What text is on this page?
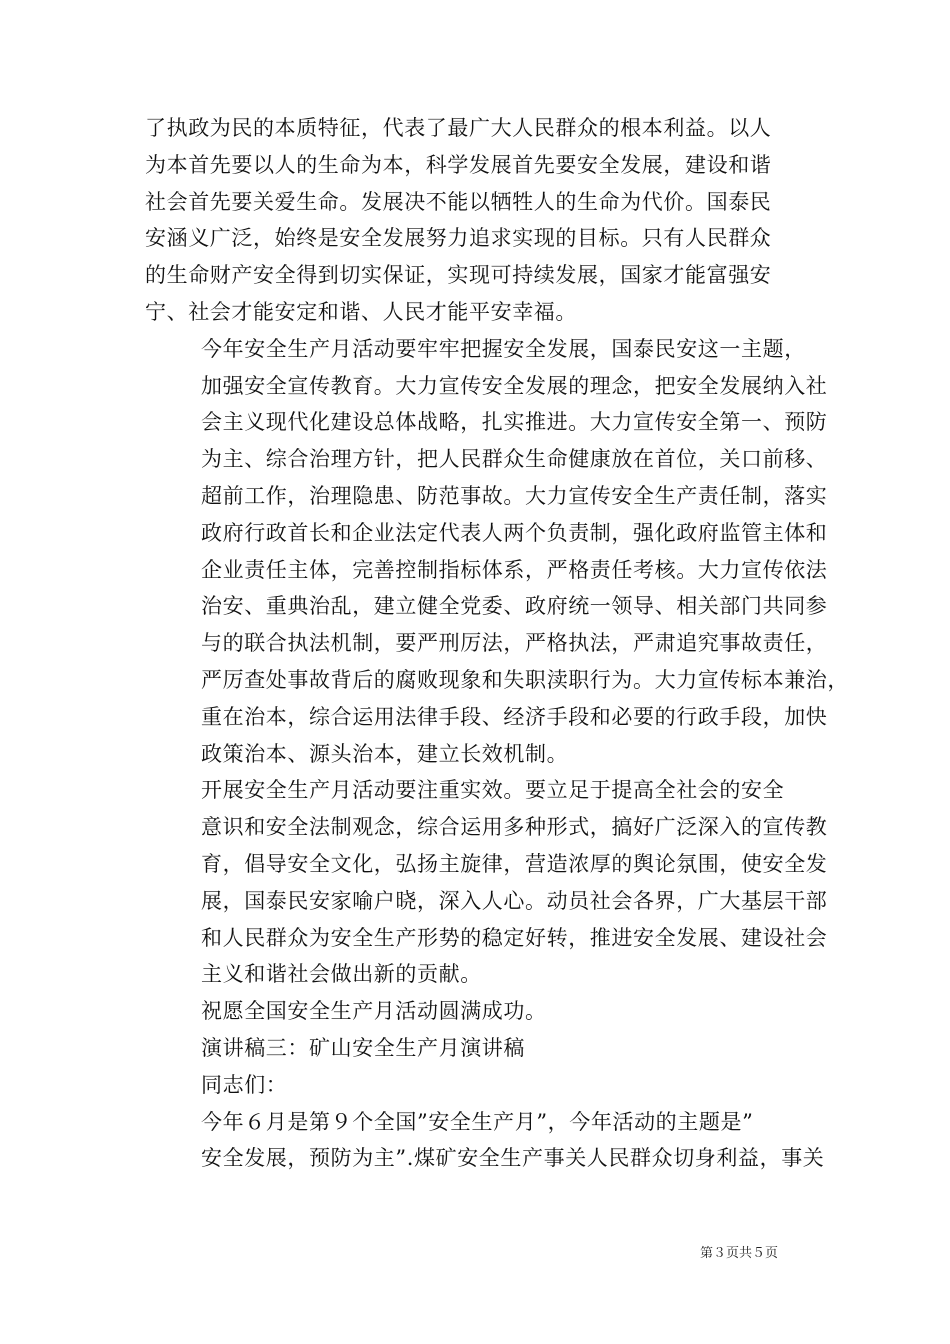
了执政为民的本质特征，代表了最广大人民群众的根本利益。以人
为本首先要以人的生命为本，科学发展首先要安全发展，建设和谐
社会首先要关爱生命。发展决不能以牺牲人的生命为代价。国泰民
安涵义广泛，始终是安全发展努力追求实现的目标。只有人民群众
的生命财产安全得到切实保证，实现可持续发展，国家才能富强安
宁、社会才能安定和谐、人民才能平安幸福。

今年安全生产月活动要牢牢把握安全发展，国泰民安这一主题，
加强安全宣传教育。大力宣传安全发展的理念，把安全发展纳入社
会主义现代化建设总体战略，扎实推进。大力宣传安全第一、预防
为主、综合治理方针，把人民群众生命健康放在首位，关口前移、
超前工作，治理隐患、防范事故。大力宣传安全生产责任制，落实
政府行政首长和企业法定代表人两个负责制，强化政府监管主体和
企业责任主体，完善控制指标体系，严格责任考核。大力宣传依法
治安、重典治乱，建立健全党委、政府统一领导、相关部门共同参
与的联合执法机制，要严刑厉法，严格执法，严肃追究事故责任，
严厉查处事故背后的腐败现象和失职渎职行为。大力宣传标本兼治，
重在治本，综合运用法律手段、经济手段和必要的行政手段，加快
政策治本、源头治本，建立长效机制。

开展安全生产月活动要注重实效。要立足于提高全社会的安全
意识和安全法制观念，综合运用多种形式，搞好广泛深入的宣传教
育，倡导安全文化，弘扬主旋律，营造浓厚的舆论氛围，使安全发
展，国泰民安家喻户晓，深入人心。动员社会各界，广大基层干部
和人民群众为安全生产形势的稳定好转，推进安全发展、建设社会
主义和谐社会做出新的贡献。

祝愿全国安全生产月活动圆满成功。

演讲稿三：矿山安全生产月演讲稿

同志们：

今年６月是第９个全国”安全生产月”，今年活动的主题是”
安全发展，预防为主”.煤矿安全生产事关人民群众切身利益，事关

第３页共５页
